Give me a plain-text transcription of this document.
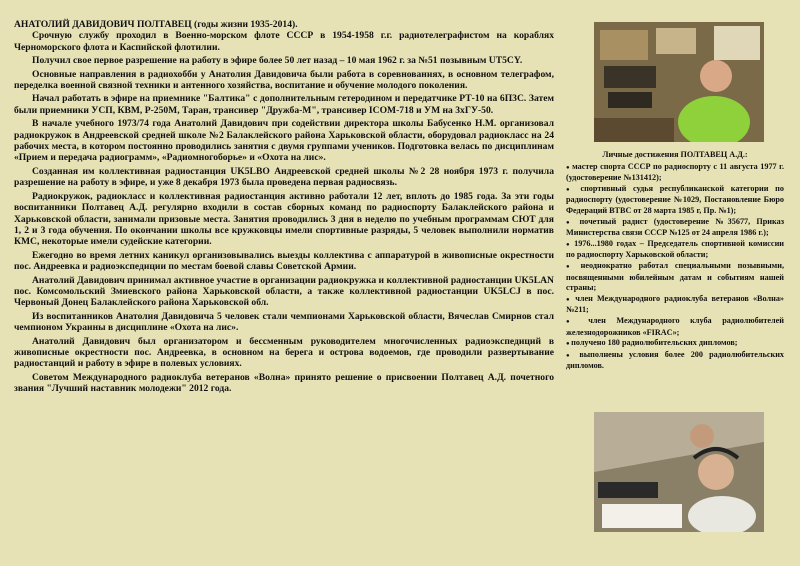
АНАТОЛИЙ ДАВИДОВИЧ ПОЛТАВЕЦ (годы жизни 1935-2014).

Срочную службу проходил в Военно-морском флоте СССР в 1954-1958 г.г. радиотелеграфистом на кораблях Черноморского флота и Каспийской флотилии.

Получил свое первое разрешение на работу в эфире более 50 лет назад – 10 мая 1962 г. за №51 позывным UT5CY.

Основные направления в радиохобби у Анатолия Давидовича были работа в соревнованиях, в основном телеграфом, переделка военной связной техники и антенного хозяйства, воспитание и обучение молодого поколения.

Начал работать в эфире на приемнике "Балтика" с дополнительным гетеродином и передатчике РТ-10 на 6П3С. Затем были приемники УСП, КВМ, Р-250М, Таран, трансивер "Дружба-М", трансивер ICOM-718 и УМ на 3хГУ-50.

В начале учебного 1973/74 года Анатолий Давидович при содействии директора школы Бабусенко Н.М. организовал радиокружок в Андреевской средней школе №2 Балаклейского района Харьковской области, оборудовал радиокласс на 24 рабочих места, в котором постоянно проводились занятия с двумя группами учеников. Подготовка велась по дисциплинам «Прием и передача радиограмм», «Радиомногоборье» и «Охота на лис».

Созданная им коллективная радиостанция UK5LBO Андреевской средней школы №2 28 ноября 1973 г. получила разрешение на работу в эфире, и уже 8 декабря 1973 была проведена первая радиосвязь.

Радиокружок, радиокласс и коллективная радиостанция активно работали 12 лет, вплоть до 1985 года. За эти годы воспитанники Полтавец А.Д. регулярно входили в состав сборных команд по радиоспорту Балаклейского района и Харьковской области, занимали призовые места. Занятия проводились 3 дня в неделю по учебным программам СЮТ для 1, 2 и 3 года обучения. По окончании школы все кружковцы имели спортивные разряды, 5 человек выполнили норматив КМС, некоторые имели судейские категории.

Ежегодно во время летних каникул организовывались выезды коллектива с аппаратурой в живописные окрестности пос. Андреевка и радиоэкспедиции по местам боевой славы Советской Армии.

Анатолий Давидович принимал активное участие в организации радиокружка и коллективной радиостанции UK5LAN пос. Комсомольский Змиевского района Харьковской области, а также коллективной радиостанции UK5LCJ в пос. Червоный Донец Балаклейского района Харьковской обл.

Из воспитанников Анатолия Давидовича 5 человек стали чемпионами Харьковской области, Вячеслав Смирнов стал чемпионом Украины в дисциплине «Охота на лис».

Анатолий Давидович был организатором и бессменным руководителем многочисленных радиоэкспедиций в живописные окрестности пос. Андреевка, в основном на берега и острова водоемов, где проводили развертывание радиостанций и работу в эфире в полевых условиях.

Советом Международного радиоклуба ветеранов «Волна» принято решение о присвоении Полтавец А.Д. почетного звания "Лучший наставник молодежи" 2012 года.

Личные достижения ПОЛТАВЕЦ А.Д.:
● мастер спорта СССР по радиоспорту с 11 августа 1977 г. (удостоверение №131412);
● спортивный судья республиканской категории по радиоспорту (удостоверение №1029, Постановление Бюро Федераций ВТВС от 28 марта 1985 г, Пр. №1);
● почетный радист (удостоверение №35677, Приказ Министерства связи СССР №125 от 24 апреля 1986 г.);
● 1976...1980 годах – Председатель спортивной комиссии по радиоспорту Харьковской области;
● неоднократно работал специальными позывными, посвященными юбилейным датам и событиям нашей страны;
● член Международного радиоклуба ветеранов «Волна» №211;
● член Международного клуба радиолюбителей железнодорожников «FIRAC»;
● получено 180 радиолюбительских дипломов;
● выполнены условия более 200 радиолюбительских дипломов.
